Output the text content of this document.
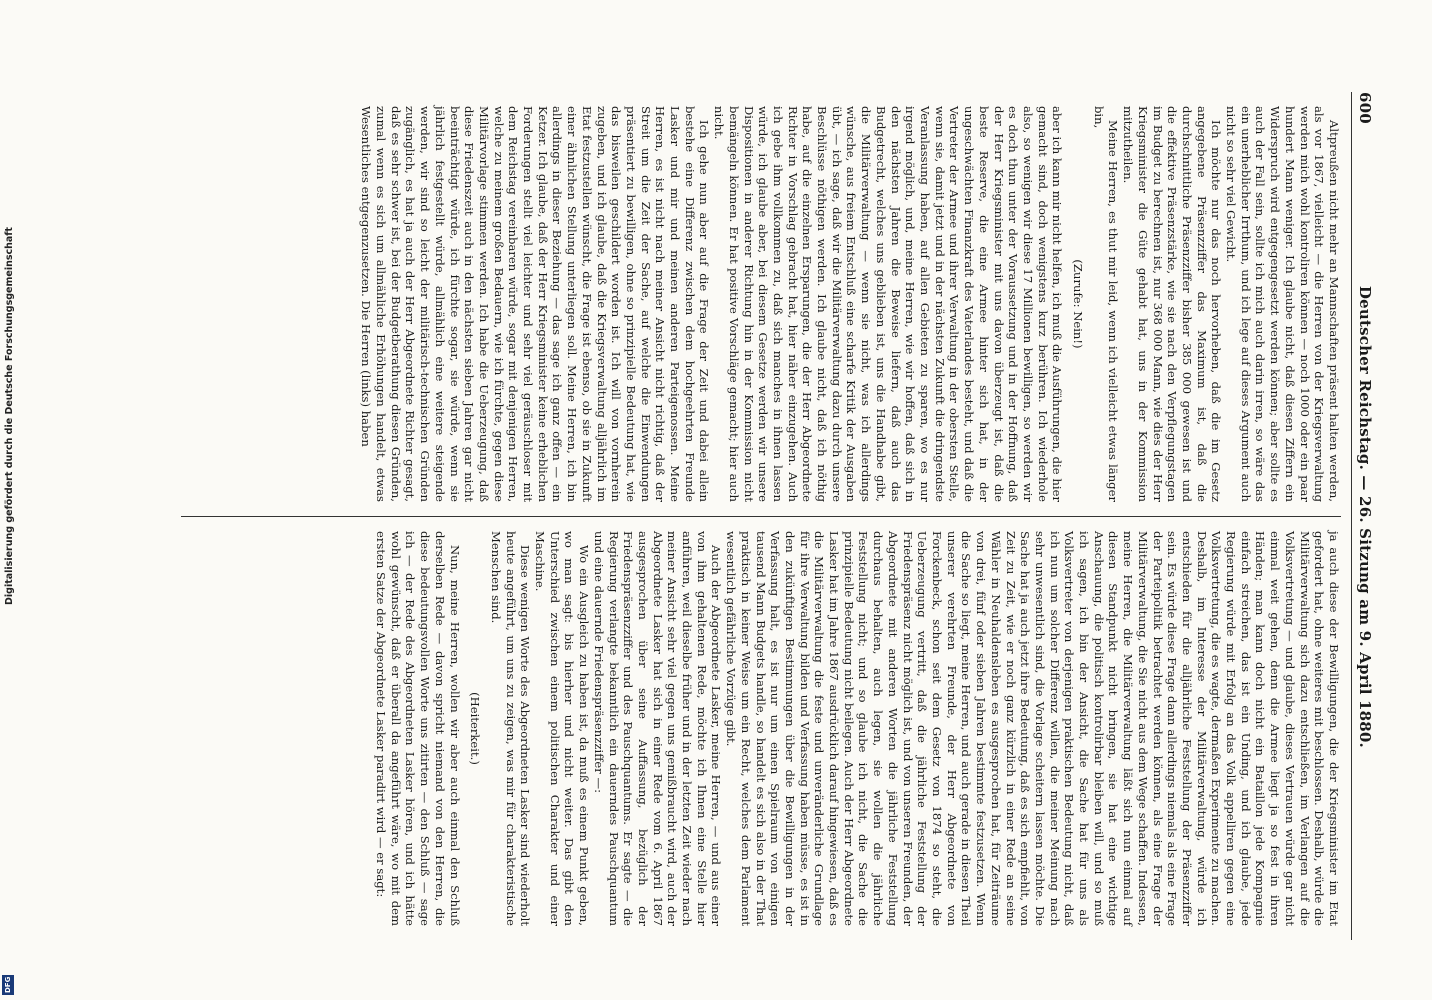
600
Deutscher Reichstag. — 26. Sitzung am 9. April 1880.

Altpreußen nicht mehr an Mannschaften präsent halten werden, als vor 1867, vielleicht — die Herren von der Kriegsverwaltung werden mich wohl kontroliren können — noch 1000 oder ein paar hundert Mann weniger. Ich glaube nicht, daß diesen Ziffern ein Widerspruch wird entgegengesetzt werden können; aber sollte es auch der Fall sein, sollte ich mich auch darin irren, so wäre das ein unerheblicher Irrthum, und ich lege auf dieses Argument auch nicht so sehr viel Gewicht.

Ich möchte nur das noch hervorheben, daß die im Gesetz angegebene Präsenzziffer das Maximum ist, daß die durchschnittliche Präsenzziffer bisher 385 000 gewesen ist und die effektive Präsenzstärke, wie sie nach den Verpflegungstagen im Budget zu berechnen ist, nur 368 000 Mann, wie dies der Herr Kriegsminister die Güte gehabt hat, uns in der Kommission mitzutheilen.

Meine Herren, es thut mir leid, wenn ich vielleicht etwas länger bin,

(Zurufe: Nein!)

aber ich kann mir nicht helfen, ich muß die Ausführungen, die hier gemacht sind, doch wenigstens kurz berühren. Ich wiederhole also, so wenigen wir diese 17 Millionen bewilligen, so werden wir es doch thun unter der Voraussetzung und in der Hoffnung, daß der Herr Kriegsminister mit uns davon überzeugt ist, daß die beste Reserve, die eine Armee hinter sich hat, in der ungeschwächten Finanzkraft des Vaterlandes besteht, und daß die Vertreter der Armee und ihrer Verwaltung in der obersten Stelle, wenn sie, damit jetzt und in der nächsten Zukunft die dringendste Veranlassung haben, auf allen Gebieten zu sparen, wo es nur irgend möglich, und, meine Herren, wie wir hoffen, daß sich in den nächsten Jahren die Beweise liefern, daß auch das Budgetrecht, welches uns geblieben ist, uns die Handhabe gibt, die Militärverwaltung — wenn sie nicht, was ich allerdings wünsche, aus freiem Entschluß eine scharfe Kritik der Ausgaben übt, — ich sage, daß wir die Militärverwaltung dazu durch unsere Beschlüsse nöthigen werden. Ich glaube nicht, daß ich nöthig habe, auf die einzelnen Ersparungen, die der Herr Abgeordnete Richter in Vorschlag gebracht hat, hier näher einzugehen. Auch ich gebe ihm vollkommen zu, daß sich manches in ihnen lassen würde, ich glaube aber, bei diesem Gesetze werden wir unsere Dispositionen in anderer Richtung hin in der Kommission nicht bemängeln können. Er hat positive Vorschläge gemacht; hier auch nicht.

Ich gehe nun aber auf die Frage der Zeit und dabei allein bestehe eine Differenz zwischen dem hochgeehrten Freunde Lasker und mir und meinen anderen Parteigenossen. Meine Herren, es ist nicht nach meiner Ansicht nicht richtig, daß der Streit um die Zeit der Sache, auf welche die Einwendungen präsentiert zu bewilligen, ohne so prinzipielle Bedeutung hat, wie das bisweilen geschildert worden ist. Ich will von vornherein zugeben, und ich glaube, daß die Kriegsverwaltung alljährlich im Etat festzustellen wünscht, die Frage ist ebenso, ob sie in Zukunft einer ähnlichen Stellung unterliegen soll. Meine Herren, ich bin allerdings in dieser Beziehung — das sage ich ganz offen — ein Ketzer. Ich glaube, daß der Herr Kriegsminister keine erheblichen Forderungen stellt viel leichter und sehr viel geräuschloser mit dem Reichstag vereinbaren würde, sogar mit denjenigen Herren, welche zu meinem großen Bedauern, wie ich fürchte, gegen diese Militärvorlage stimmen werden. Ich habe die Ueberzeugung, daß diese Friedenszeit auch in den nächsten sieben Jahren gar nicht beeinträchtigt würde, ich fürchte sogar, sie würde, wenn sie jährlich festgestellt würde, allmählich eine weitere steigende werden, wir sind so leicht der militärisch-technischen Gründen zugänglich, es hat ja auch der Herr Abgeordnete Richter gesagt, daß es sehr schwer ist, bei der Budgetberathung diesen Gründen, zumal wenn es sich um allmähliche Erhöhungen handelt, etwas Wesentliches entgegenzusetzen. Die Herren (links) haben

ja auch diese der Bewilligungen, die der Kriegsminister im Etat gefordert hat, ohne weiteres mit beschlossen. Deshalb, würde die Militärverwaltung sich dazu entschließen, im Verlangen auf die Volksvertretung — und glaube, dieses Vertrauen würde gar nicht einmal weit gehen, denn die Armee liegt ja so fest in ihren Händen; man kann doch nicht ein Bataillon jede Kompagnie einfach streichen, das ist ein Unding, und ich glaube, jede Regierung würde mit Erfolg an das Volk appelliren gegen eine Volksvertretung, die es wagte, dermaßen Experimente zu machen. Deshalb, im Interesse der Militärverwaltung, würde ich entschieden für die alljährliche Feststellung der Präsenzziffer sein. Es würde diese Frage dann allerdings niemals als eine Frage der Parteipolitik betrachtet werden können, als eine Frage der Militärverwaltung, die Sie nicht aus dem Wege schaffen. Indessen, meine Herren, die Militärverwaltung läßt sich nun einmal auf diesen Standpunkt nicht bringen, sie hat eine wichtige Anschauung, die politisch kontrolirbar bleiben will, und so muß ich sagen, ich bin der Ansicht, die Sache hat für uns als Volksvertreter von derjenigen praktischen Bedeutung nicht, daß ich nun um solcher Differenz willen, die meiner Meinung nach sehr unwesentlich sind, die Vorlage scheitern lassen möchte. Die Sache hat ja auch jetzt ihre Bedeutung, daß es sich empfiehlt, von Zeit zu Zeit, wie er noch ganz kürzlich in einer Rede an seine Wähler in Neuhaldensleben es ausgesprochen hat, für Zeiträume von drei, fünf oder sieben Jahren bestimmte festzusetzen. Wenn die Sache so liegt, meine Herren, und auch gerade in diesen Theil unserer verehrten Freunde, der Herr Abgeordnete von Forckenbeck, schon seit dem Gesetz von 1874 so steht, die Ueberzeugung vertritt, daß die jährliche Feststellung der Friedenspräsenz nicht möglich ist, und von unseren Freunden, der Abgeordnete mit anderen Worten die jährliche Feststellung durchaus behalten, auch legen, sie wollen die jährliche Feststellung nicht; und so glaube ich nicht, die Sache die prinzipielle Bedeutung nicht beilegen. Auch der Herr Abgeordnete Lasker hat im Jahre 1867 ausdrücklich darauf hingewiesen, daß es die Militärverwaltung die feste und unveränderliche Grundlage für ihre Verwaltung bilden und Verfassung haben müsse, es ist in den zukünftigen Bestimmungen über die Bewilligungen in der Verfassung halt, es ist nur um einen Spielraum von einigen tausend Mann Budgets handle, so handelt es sich also in der That praktisch in keiner Weise um ein Recht, welches dem Parlament wesentlich gefährliche Vorzüge gibt.

Auch der Abgeordnete Lasker, meine Herren, — und aus einer von ihm gehaltenen Rede, möchte ich Ihnen eine Stelle hier anführen, weil dieselbe früher und in der letzten Zeit wieder nach meiner Ansicht sehr viel gegen uns gemißbraucht wird, auch der Abgeordnete Lasker hat sich in einer Rede vom 6. April 1867 ausgesprochen über seine Auffassung, bezüglich der Friedenspräsenzziffer und des Pauschquantums. Er sagte — die Regierung verlangte bekanntlich ein dauerndes Pauschquantum und eine dauernde Friedenspräsenzziffer —:

Wo ein Ausgleich zu haben ist, da muß es einem Punkt geben, wo man sagt: bis hierher und nicht weiter. Das gibt den Unterschied zwischen einem politischen Charakter und einer Maschine.

Diese wenigen Worte des Abgeordneten Lasker sind wiederholt heute angeführt, um uns zu zeigen, was mir für charakteristische Menschen sind.

(Heiterkeit.)

Nun, meine Herren, wollen wir aber auch einmal den Schluß derselben Rede — davon spricht niemand von den Herren, die diese bedeutungsvollen Worte uns zitirten — den Schluß — sage ich — der Rede des Abgeordneten Lasker hören, und ich hätte wohl gewünscht, daß er überall da angeführt wäre, wo mit dem ersten Satze der Abgeordnete Lasker paradirt wird — er sagt:

Digitalisierung gefördert durch die Deutsche Forschungsgemeinschaft
DFG
